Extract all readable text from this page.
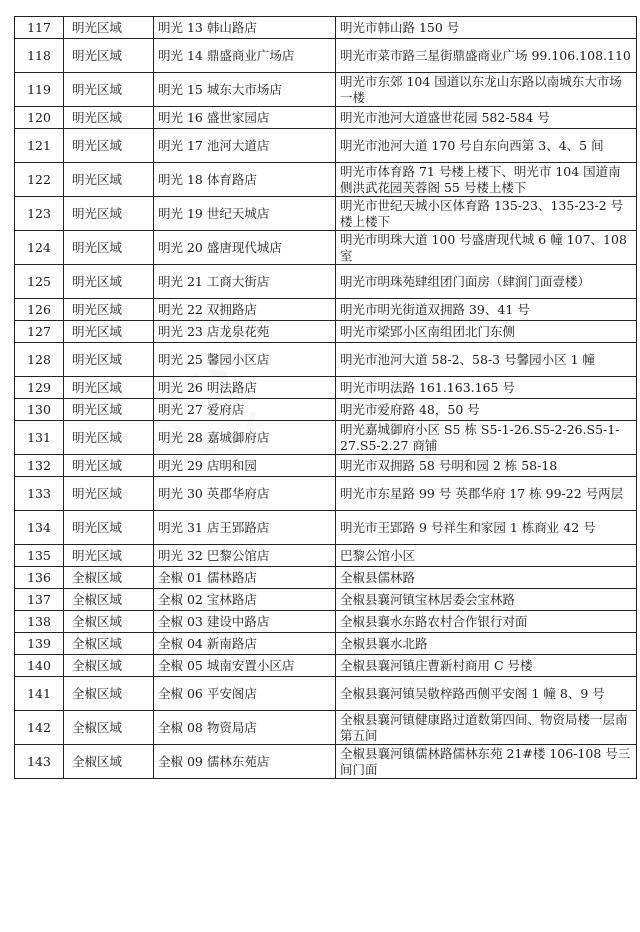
117	明光区域	明光 13 韩山路店	明光市韩山路 150 号
118	明光区域	明光 14 鼎盛商业广场店	明光市菜市路三星街鼎盛商业广场 99.106.108.110
119	明光区域	明光 15 城东大市场店	明光市东郊 104 国道以东龙山东路以南城东大市场一楼
120	明光区域	明光 16 盛世家园店	明光市池河大道盛世花园 582-584 号
121	明光区域	明光 17 池河大道店	明光市池河大道 170 号自东向西第 3、4、5 间
122	明光区域	明光 18 体育路店	明光市体育路 71 号楼上楼下、明光市 104 国道南侧洪武花园芙蓉阁 55 号楼上楼下
123	明光区域	明光 19 世纪天城店	明光市世纪天城小区体育路 135-23、135-23-2 号楼上楼下
124	明光区域	明光 20 盛唐现代城店	明光市明珠大道 100 号盛唐现代城 6 幢 107、108 室
125	明光区域	明光 21 工商大街店	明光市明珠苑肆组团门面房（肆润门面壹楼）
126	明光区域	明光 22 双拥路店	明光市明光街道双拥路 39、41 号
127	明光区域	明光 23 店龙泉花苑	明光市梁郢小区南组团北门东侧
128	明光区域	明光 25 馨园小区店	明光市池河大道 58-2、58-3 号馨园小区 1 幢
129	明光区域	明光 26 明法路店	明光市明法路 161.163.165 号
130	明光区域	明光 27 爱府店	明光市爱府路 48，50 号
131	明光区域	明光 28 嘉城御府店	明光嘉城御府小区 S5 栋 S5-1-26.S5-2-26.S5-1-27.S5-2.27 商铺
132	明光区域	明光 29 店明和园	明光市双拥路 58 号明和园 2 栋 58-18
133	明光区域	明光 30 英郡华府店	明光市东星路 99 号 英郡华府 17 栋 99-22 号两层
134	明光区域	明光 31 店王郢路店	明光市王郢路 9 号祥生和家园 1 栋商业 42 号
135	明光区域	明光 32 巴黎公馆店	巴黎公馆小区
136	全椒区域	全椒 01 儒林路店	全椒县儒林路
137	全椒区域	全椒 02 宝林路店	全椒县襄河镇宝林居委会宝林路
138	全椒区域	全椒 03 建设中路店	全椒县襄水东路农村合作银行对面
139	全椒区域	全椒 04 新南路店	全椒县襄水北路
140	全椒区域	全椒 05 城南安置小区店	全椒县襄河镇庄曹新村商用 C 号楼
141	全椒区域	全椒 06 平安阁店	全椒县襄河镇吴敬梓路西侧平安阁 1 幢 8、9 号
142	全椒区域	全椒 08 物资局店	全椒县襄河镇健康路过道数第四间、物资局楼一层南第五间
143	全椒区域	全椒 09 儒林东苑店	全椒县襄河镇儒林路儒林东苑 21#楼 106-108 号三间门面
